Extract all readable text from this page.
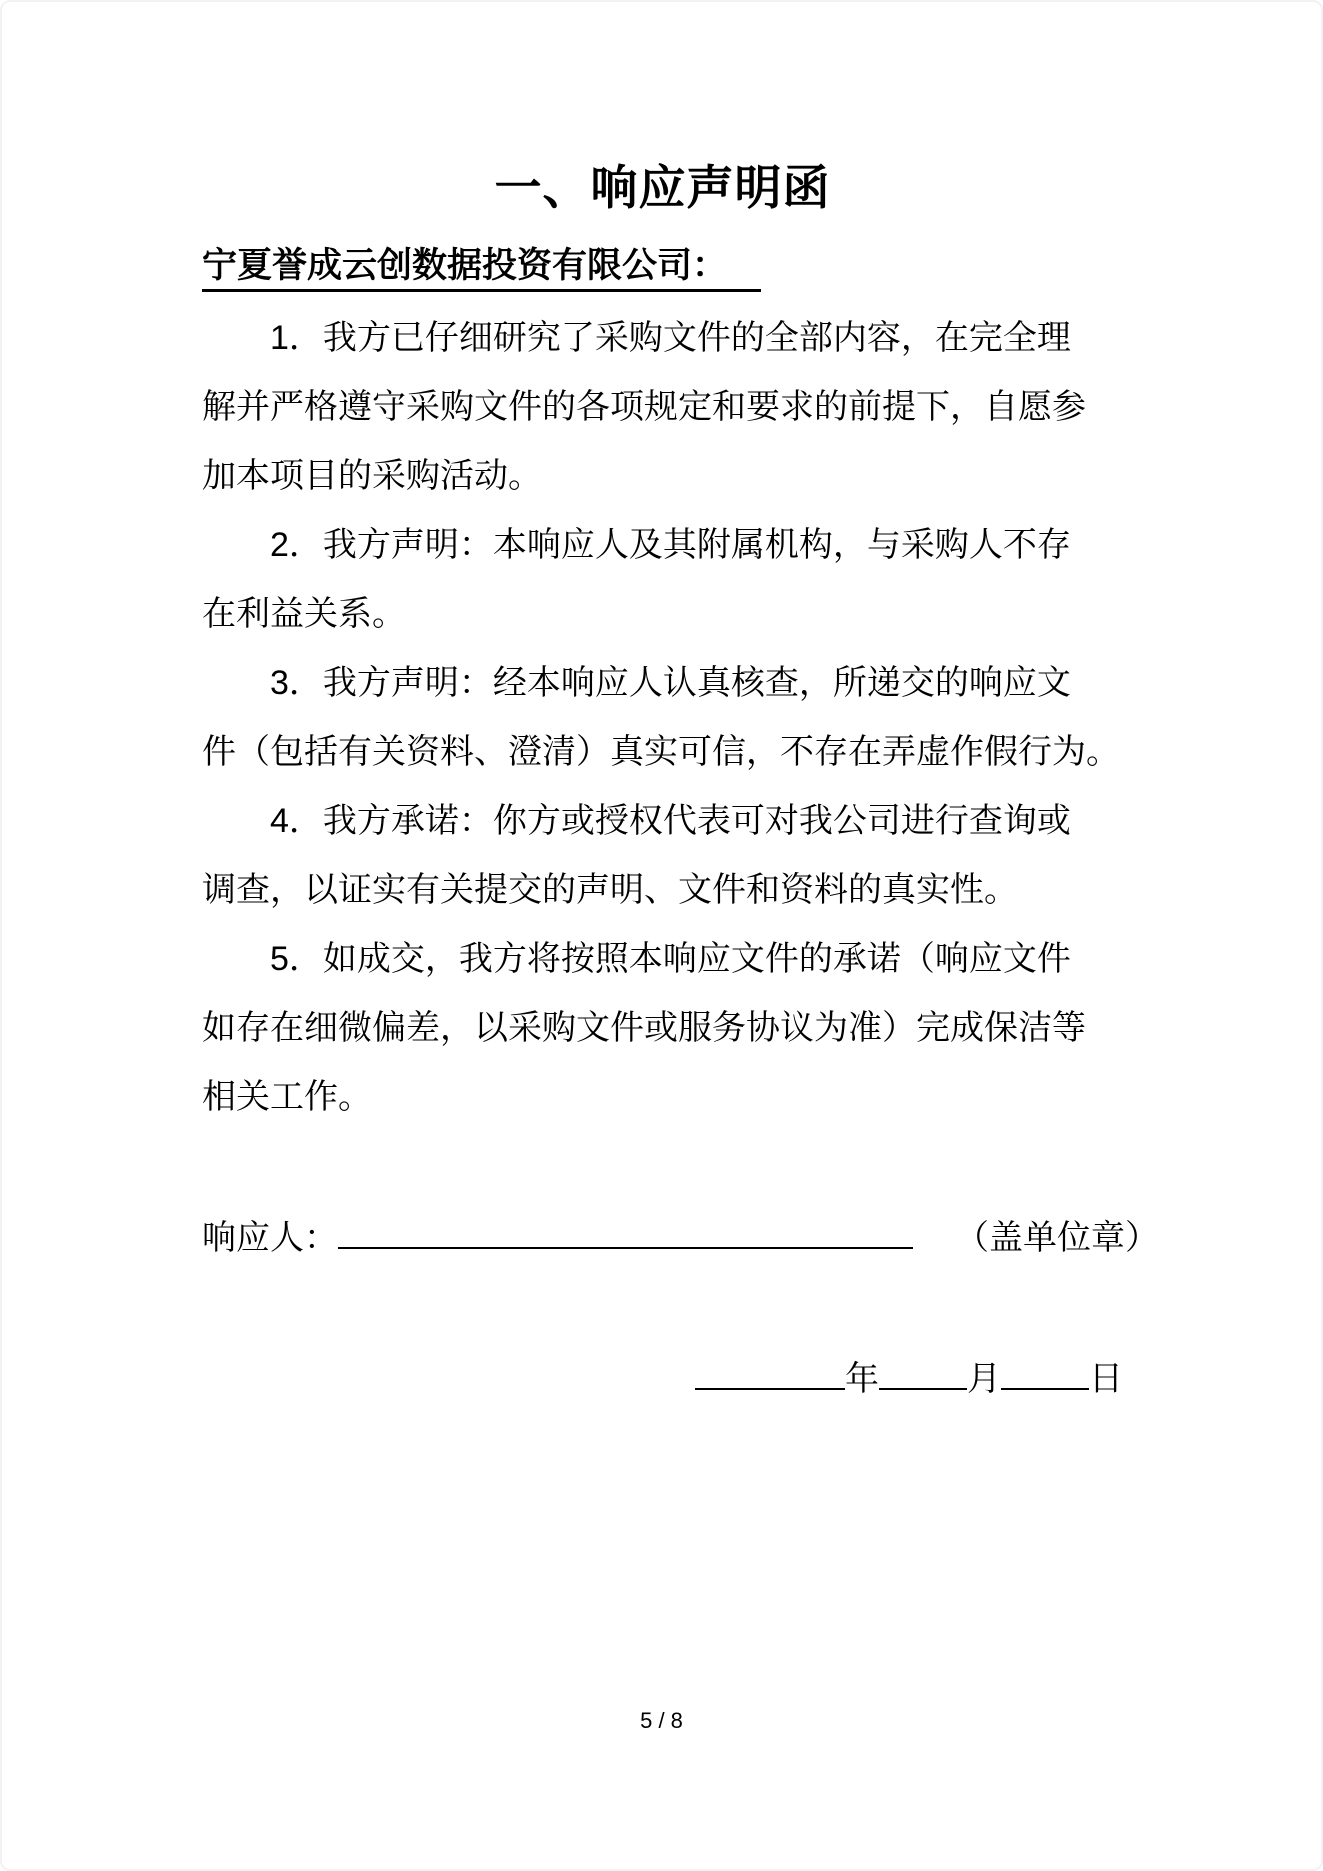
一、响应声明函
宁夏誉成云创数据投资有限公司：
1．我方已仔细研究了采购文件的全部内容，在完全理
解并严格遵守采购文件的各项规定和要求的前提下，自愿参
加本项目的采购活动。
2．我方声明：本响应人及其附属机构，与采购人不存
在利益关系。
3．我方声明：经本响应人认真核查，所递交的响应文
件（包括有关资料、澄清）真实可信，不存在弄虚作假行为。
4．我方承诺：你方或授权代表可对我公司进行查询或
调查，以证实有关提交的声明、文件和资料的真实性。
5．如成交，我方将按照本响应文件的承诺（响应文件
如存在细微偏差，以采购文件或服务协议为准）完成保洁等
相关工作。
响应人：	（盖单位章）
年	月	日
5 / 8
